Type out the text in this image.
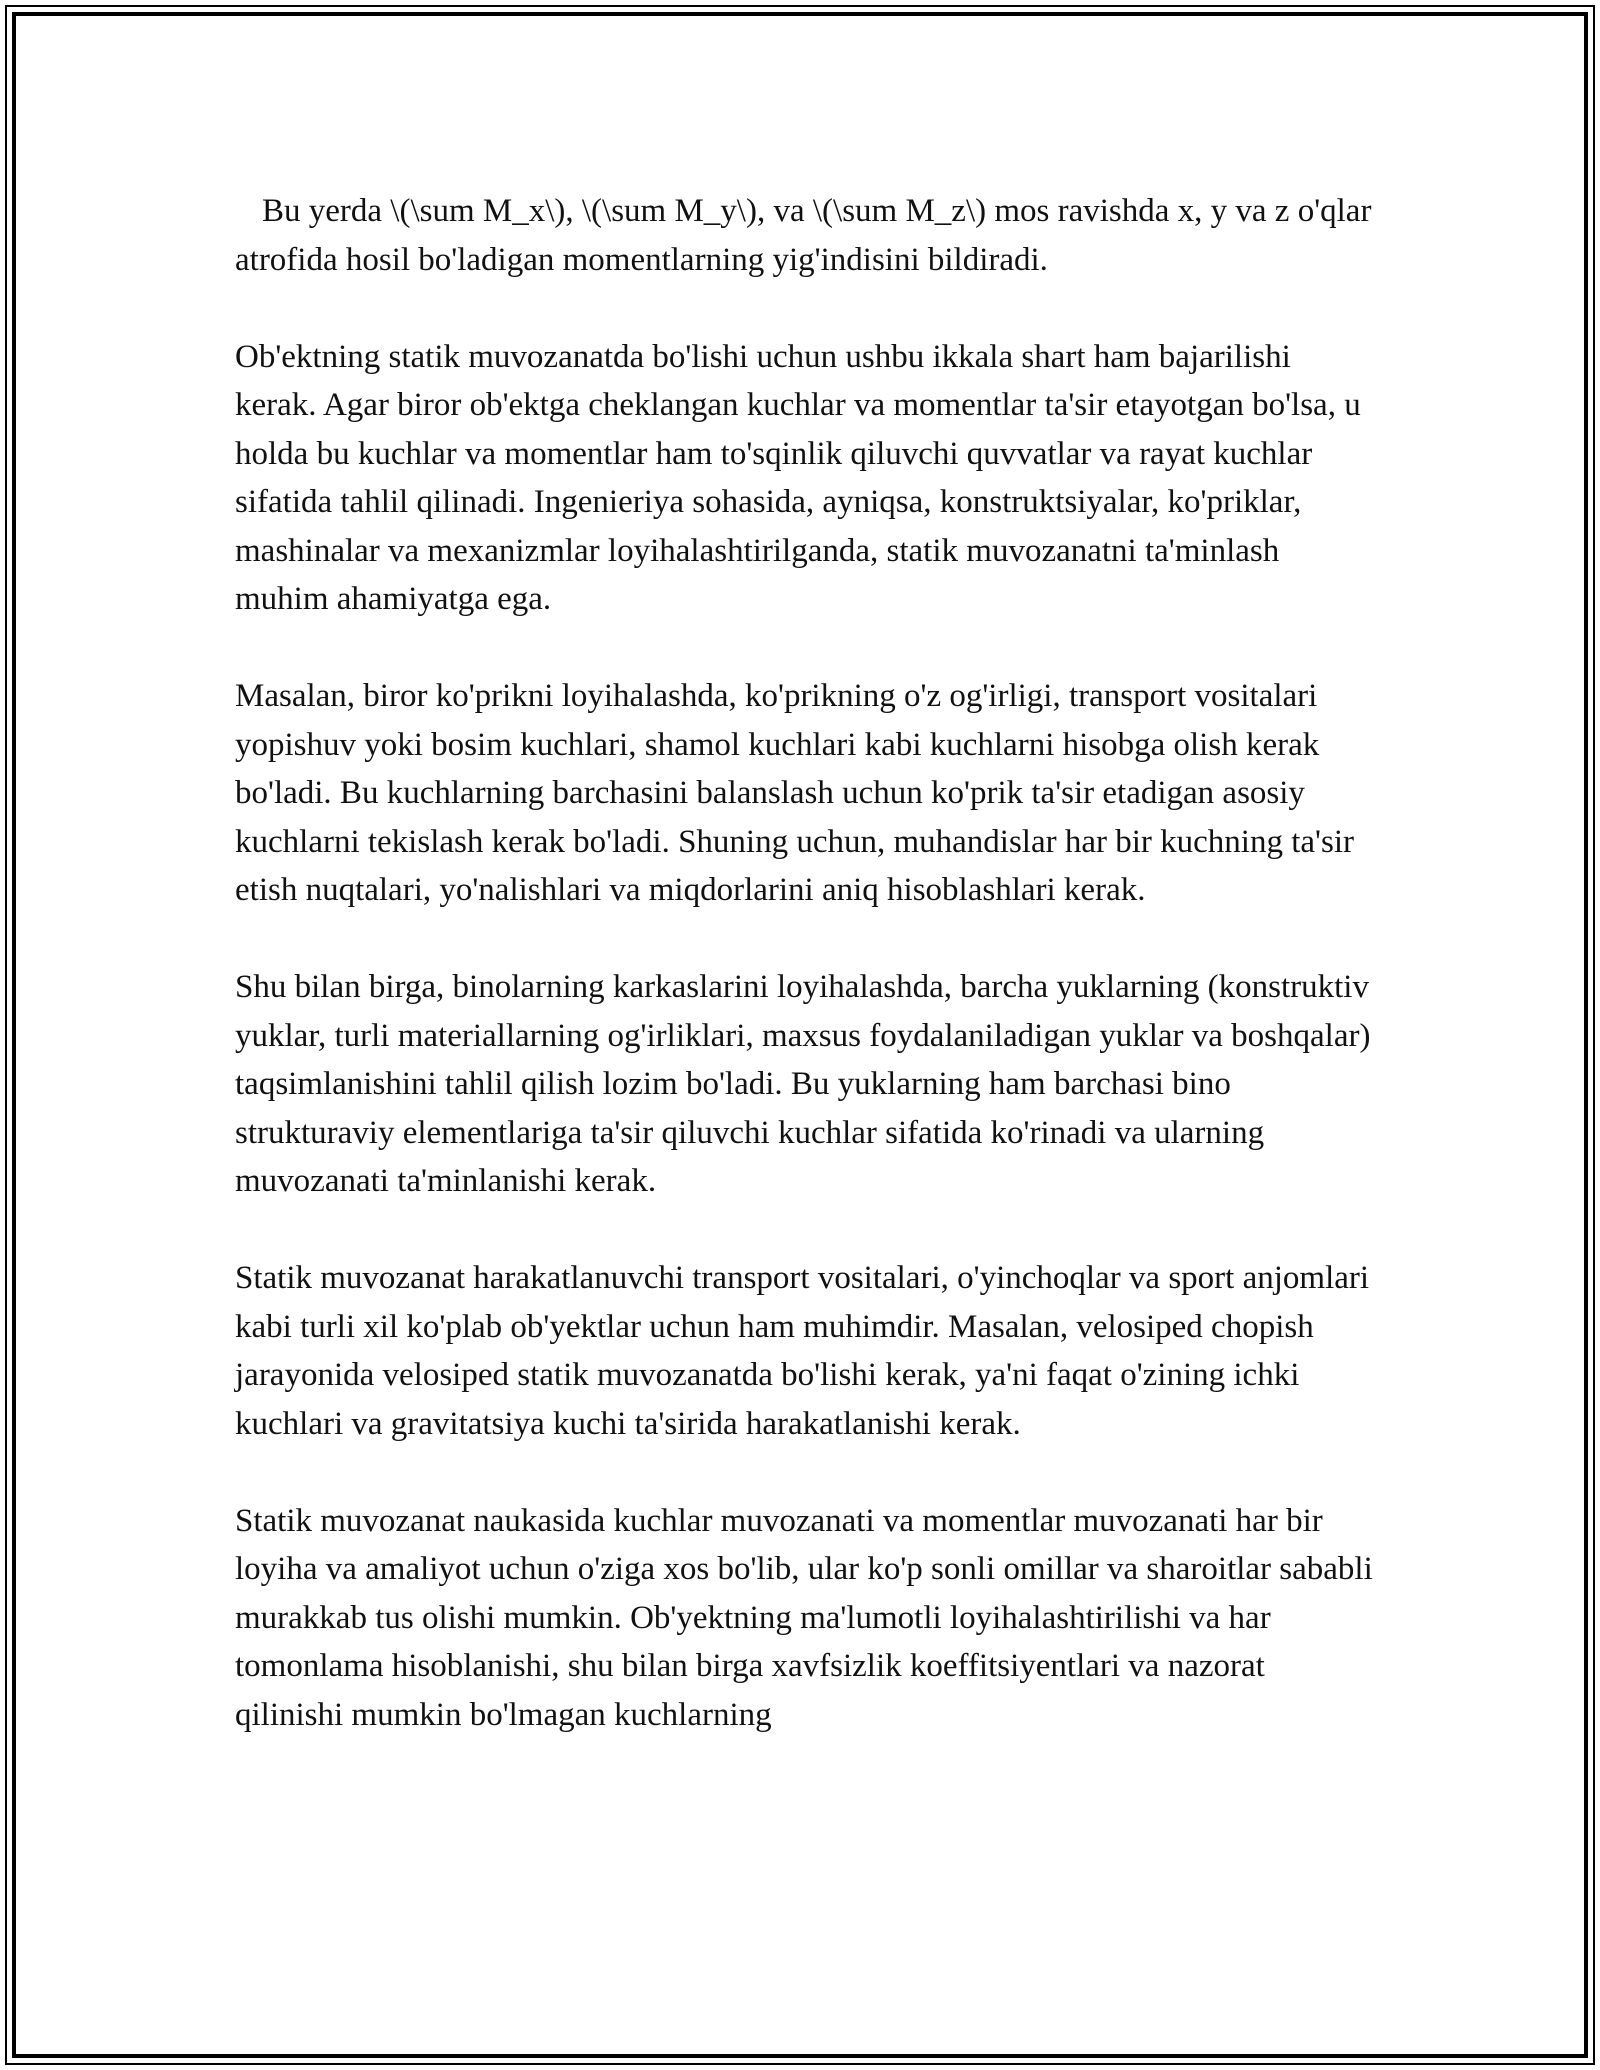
Bu yerda \(\sum M_x\), \(\sum M_y\), va \(\sum M_z\) mos ravishda x, y va z o'qlar atrofida hosil bo'ladigan momentlarning yig'indisini bildiradi.

Ob'ektning statik muvozanatda bo'lishi uchun ushbu ikkala shart ham bajarilishi kerak. Agar biror ob'ektga cheklangan kuchlar va momentlar ta'sir etayotgan bo'lsa, u holda bu kuchlar va momentlar ham to'sqinlik qiluvchi quvvatlar va rayat kuchlar sifatida tahlil qilinadi. Ingenieriya sohasida, ayniqsa, konstruktsiyalar, ko'priklar, mashinalar va mexanizmlar loyihalashtirilganda, statik muvozanatni ta'minlash muhim ahamiyatga ega.

Masalan, biror ko'prikni loyihalashda, ko'prikning o'z og'irligi, transport vositalari yopishuv yoki bosim kuchlari, shamol kuchlari kabi kuchlarni hisobga olish kerak bo'ladi. Bu kuchlarning barchasini balanslash uchun ko'prik ta'sir etadigan asosiy kuchlarni tekislash kerak bo'ladi. Shuning uchun, muhandislar har bir kuchning ta'sir etish nuqtalari, yo'nalishlari va miqdorlarini aniq hisoblashlari kerak.

Shu bilan birga, binolarning karkaslarini loyihalashda, barcha yuklarning (konstruktiv yuklar, turli materiallarning og'irliklari, maxsus foydalaniladigan yuklar va boshqalar) taqsimlanishini tahlil qilish lozim bo'ladi. Bu yuklarning ham barchasi bino strukturaviy elementlariga ta'sir qiluvchi kuchlar sifatida ko'rinadi va ularning muvozanati ta'minlanishi kerak.

Statik muvozanat harakatlanuvchi transport vositalari, o'yinchoqlar va sport anjomlari kabi turli xil ko'plab ob'yektlar uchun ham muhimdir. Masalan, velosiped chopish jarayonida velosiped statik muvozanatda bo'lishi kerak, ya'ni faqat o'zining ichki kuchlari va gravitatsiya kuchi ta'sirida harakatlanishi kerak.

Statik muvozanat naukasida kuchlar muvozanati va momentlar muvozanati har bir loyiha va amaliyot uchun o'ziga xos bo'lib, ular ko'p sonli omillar va sharoitlar sababli murakkab tus olishi mumkin. Ob'yektning ma'lumotli loyihalashtirilishi va har tomonlama hisoblanishi, shu bilan birga xavfsizlik koeffitsiyentlari va nazorat qilinishi mumkin bo'lmagan kuchlarning
